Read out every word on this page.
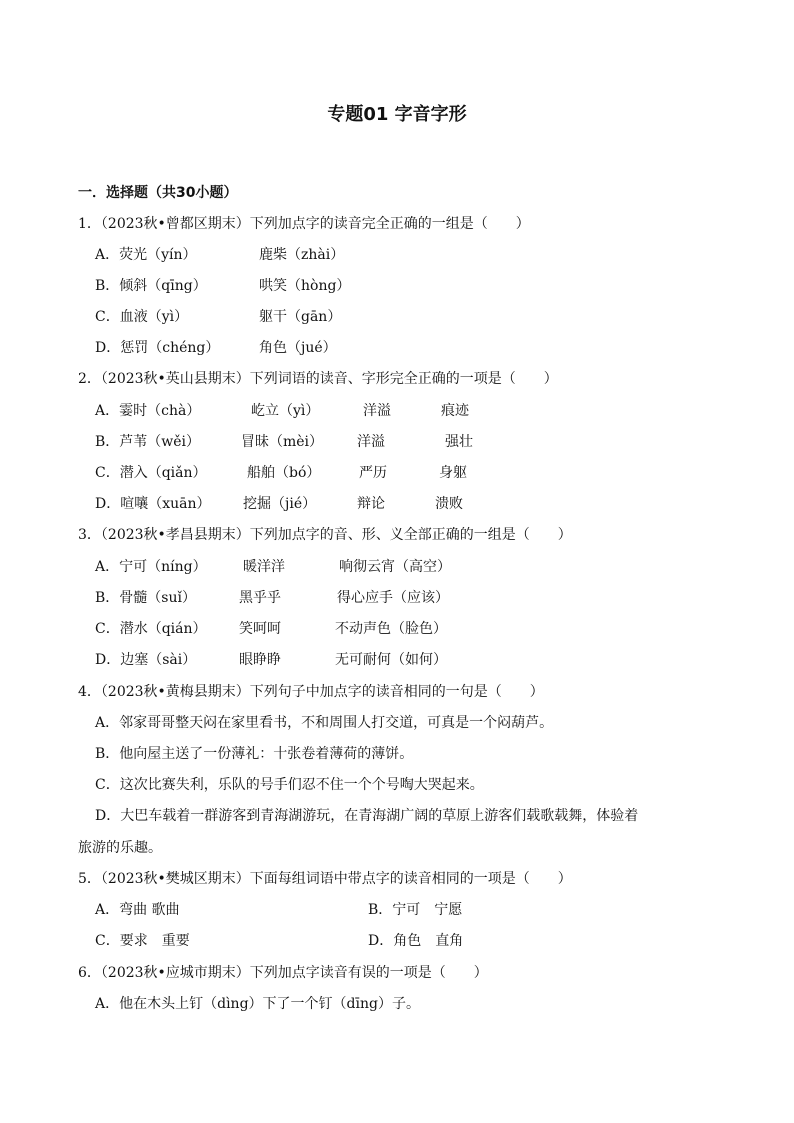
专题01 字音字形
一．选择题（共30小题）
1．（2023秋•曾都区期末）下列加点字的读音完全正确的一组是（　　）
A．荧光（yín）	鹿柴（zhài）
B．倾斜（qīng）	哄笑（hòng）
C．血液（yì）	躯干（gān）
D．惩罚（chéng）	角色（jué）
2．（2023秋•英山县期末）下列词语的读音、字形完全正确的一项是（　　）
A．霎时（chà）	屹立（yì）	洋溢	痕迹
B．芦苇（wěi）	冒昧（mèi） 洋溢	强壮
C．潜入（qiǎn）	船舶（bó）	严历	身躯
D．喧嚷（xuān） 挖掘（jié）	辩论	溃败
3．（2023秋•孝昌县期末）下列加点字的音、形、义全部正确的一组是（　　）
A．宁可（níng）	暖洋洋	响彻云宵（高空）
B．骨髓（suǐ）	黑乎乎	得心应手（应该）
C．潜水（qián） 笑呵呵	不动声色（脸色）
D．边塞（sài）	眼睁睁	无可耐何（如何）
4．（2023秋•黄梅县期末）下列句子中加点字的读音相同的一句是（　　）
A．邻家哥哥整天闷在家里看书，不和周围人打交道，可真是一个闷葫芦。
B．他向屋主送了一份薄礼：十张卷着薄荷的薄饼。
C．这次比赛失利，乐队的号手们忍不住一个个号啕大哭起来。
D．大巴车载着一群游客到青海湖游玩，在青海湖广阔的草原上游客们载歌载舞，体验着
旅游的乐趣。
5．（2023秋•樊城区期末）下面每组词语中带点字的读音相同的一项是（　　）
A．弯曲 歌曲	B．宁可　宁愿
C．要求　重要	D．角色　直角
6．（2023秋•应城市期末）下列加点字读音有误的一项是（　　）
A．他在木头上钉（dìng）下了一个钉（dīng）子。
